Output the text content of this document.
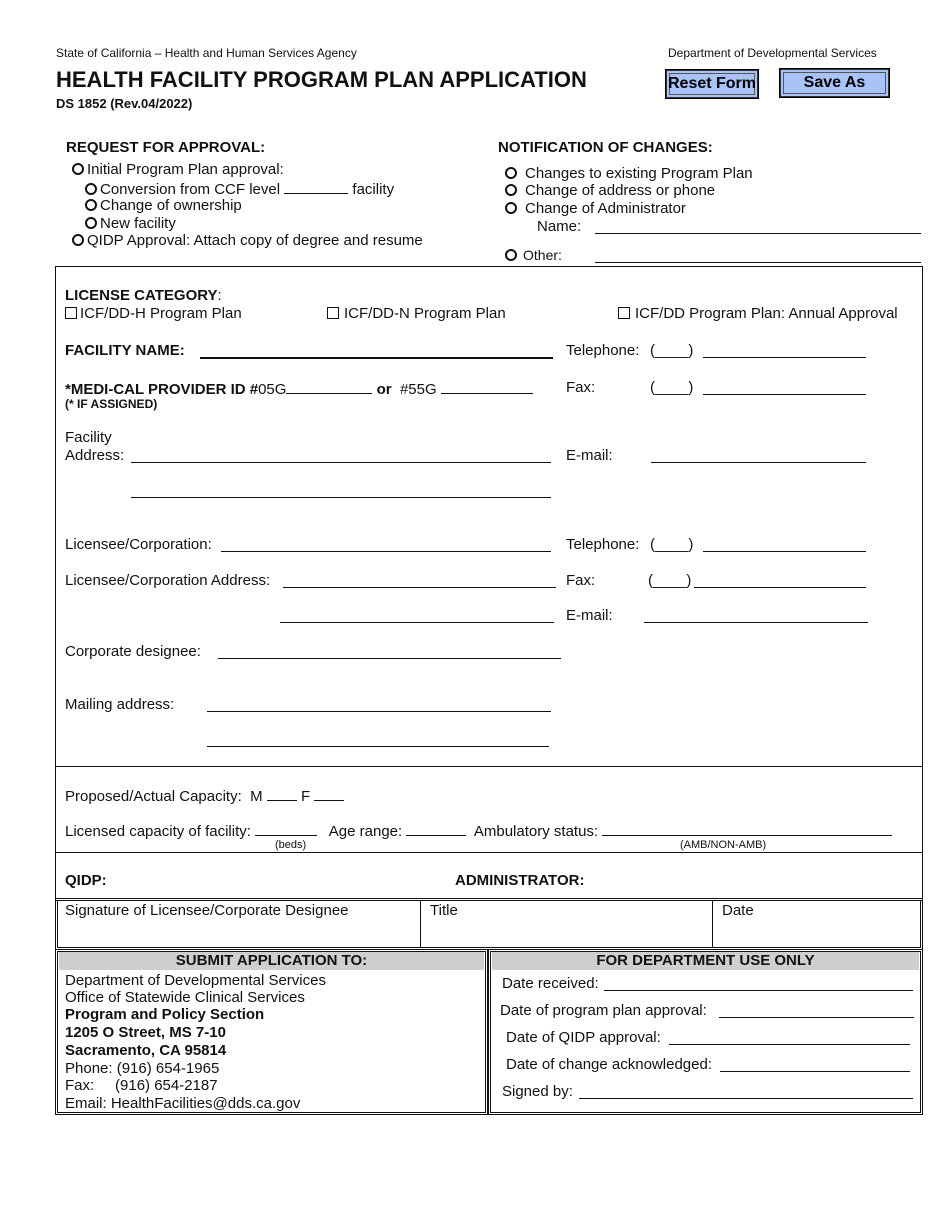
State of California – Health and Human Services Agency	Department of Developmental Services
HEALTH FACILITY PROGRAM PLAN APPLICATION
DS 1852 (Rev.04/2022)
Reset Form	Save As
REQUEST FOR APPROVAL:
Initial Program Plan approval:
Conversion from CCF level	facility
Change of ownership
New facility
QIDP Approval: Attach copy of degree and resume
NOTIFICATION OF CHANGES:
Changes to existing Program Plan
Change of address or phone
Change of Administrator
Name:
Other:
LICENSE CATEGORY:
ICF/DD-H Program Plan	ICF/DD-N Program Plan	ICF/DD Program Plan: Annual Approval
FACILITY NAME:	Telephone: (____)
*MEDI-CAL PROVIDER ID #05G	or #55G
(* IF ASSIGNED)
Fax:	(____)
Facility
Address:	E-mail:
Licensee/Corporation:	Telephone: (____)
Licensee/Corporation Address:	Fax:	(____)
E-mail:
Corporate designee:
Mailing address:
Proposed/Actual Capacity: M	F
Licensed capacity of facility:	Age range:	Ambulatory status:
(beds)	(AMB/NON-AMB)
QIDP:	ADMINISTRATOR:
Signature of Licensee/Corporate Designee	Title	Date
SUBMIT APPLICATION TO:
Department of Developmental Services
Office of Statewide Clinical Services
Program and Policy Section
1205 O Street, MS 7-10
Sacramento, CA 95814
Phone: (916) 654-1965
Fax:     (916) 654-2187
Email: HealthFacilities@dds.ca.gov
FOR DEPARTMENT USE ONLY
Date received:
Date of program plan approval:
Date of QIDP approval:
Date of change acknowledged:
Signed by:
